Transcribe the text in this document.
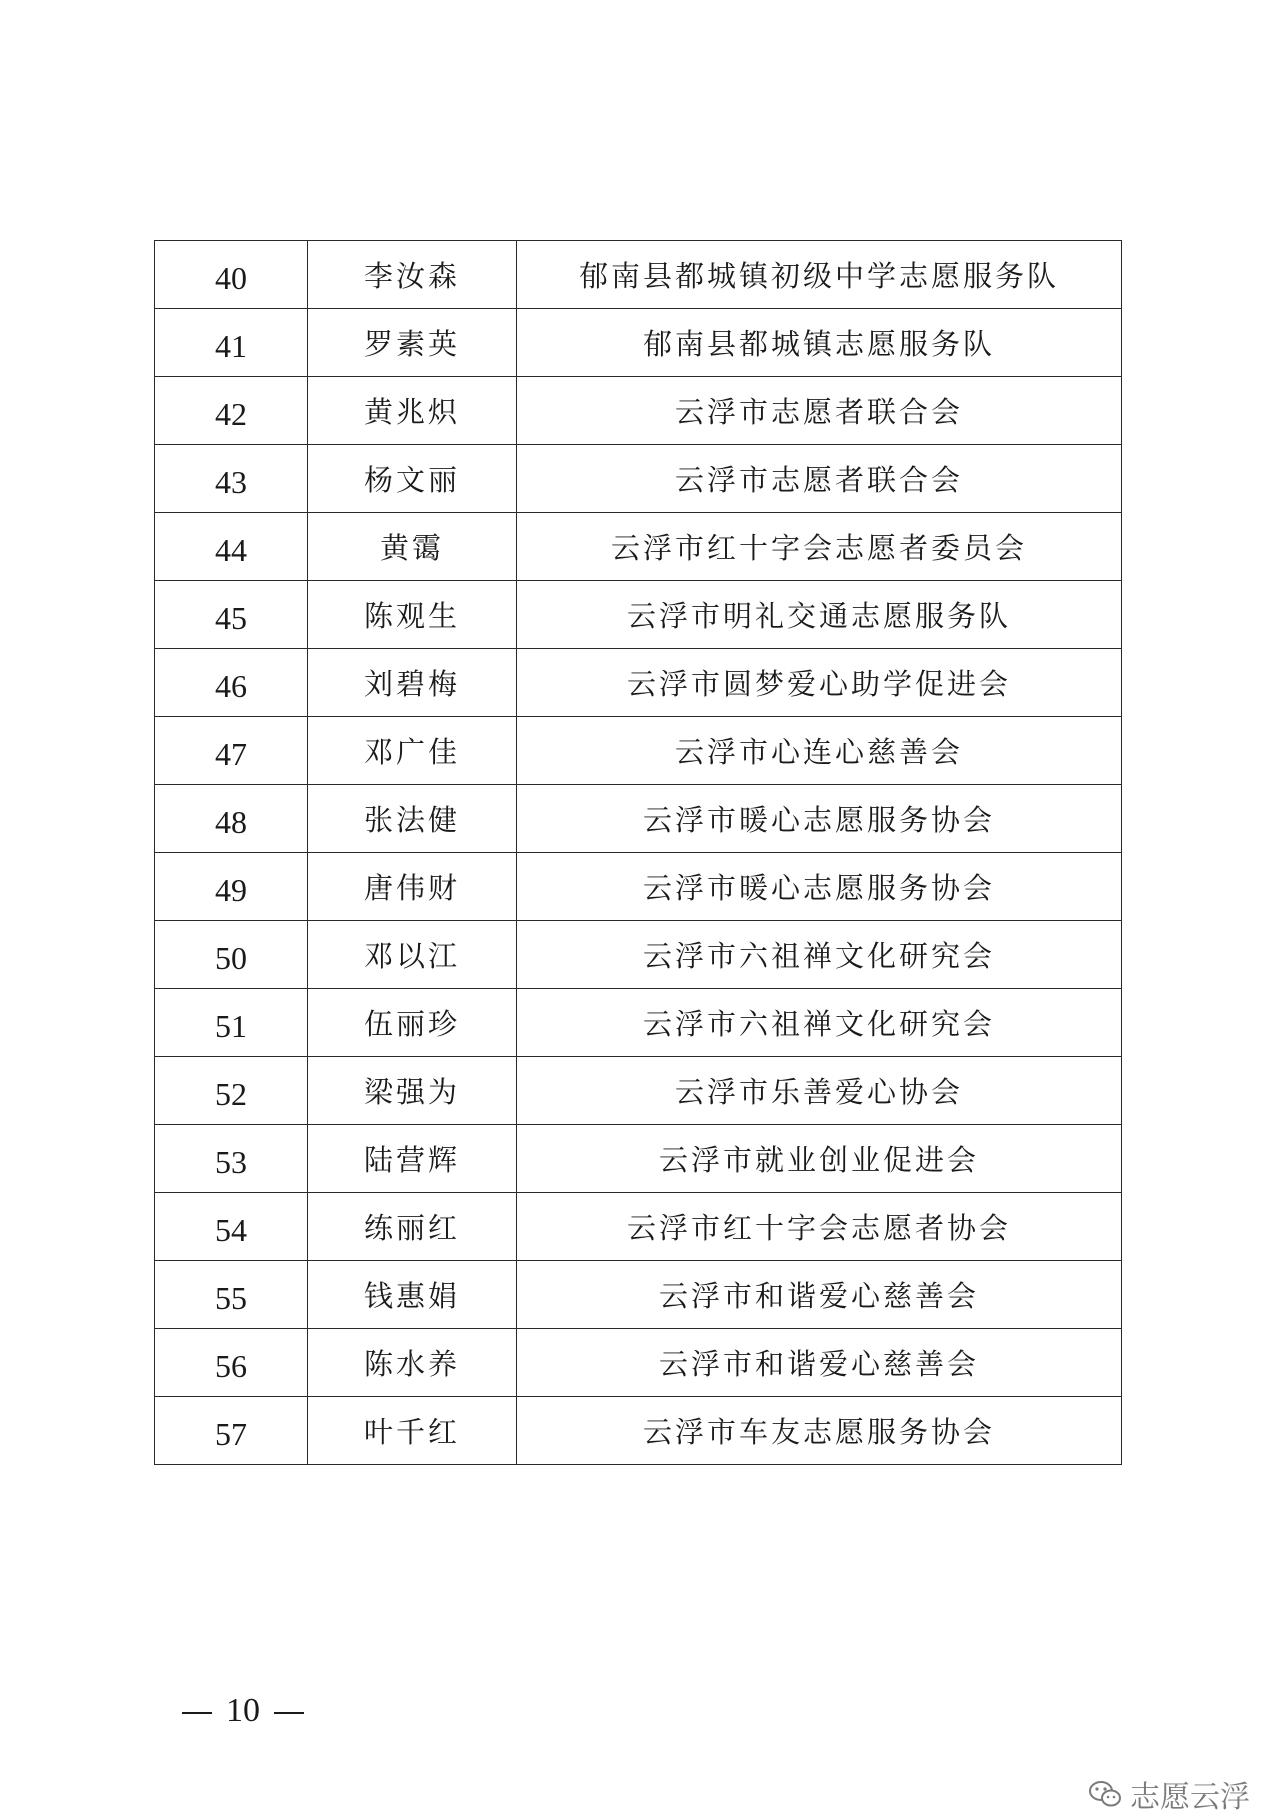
40	李汝森	郁南县都城镇初级中学志愿服务队
41	罗素英	郁南县都城镇志愿服务队
42	黄兆炽	云浮市志愿者联合会
43	杨文丽	云浮市志愿者联合会
44	黄霭	云浮市红十字会志愿者委员会
45	陈观生	云浮市明礼交通志愿服务队
46	刘碧梅	云浮市圆梦爱心助学促进会
47	邓广佳	云浮市心连心慈善会
48	张法健	云浮市暖心志愿服务协会
49	唐伟财	云浮市暖心志愿服务协会
50	邓以江	云浮市六祖禅文化研究会
51	伍丽珍	云浮市六祖禅文化研究会
52	梁强为	云浮市乐善爱心协会
53	陆营辉	云浮市就业创业促进会
54	练丽红	云浮市红十字会志愿者协会
55	钱惠娟	云浮市和谐爱心慈善会
56	陈水养	云浮市和谐爱心慈善会
57	叶千红	云浮市车友志愿服务协会
10
志愿云浮
